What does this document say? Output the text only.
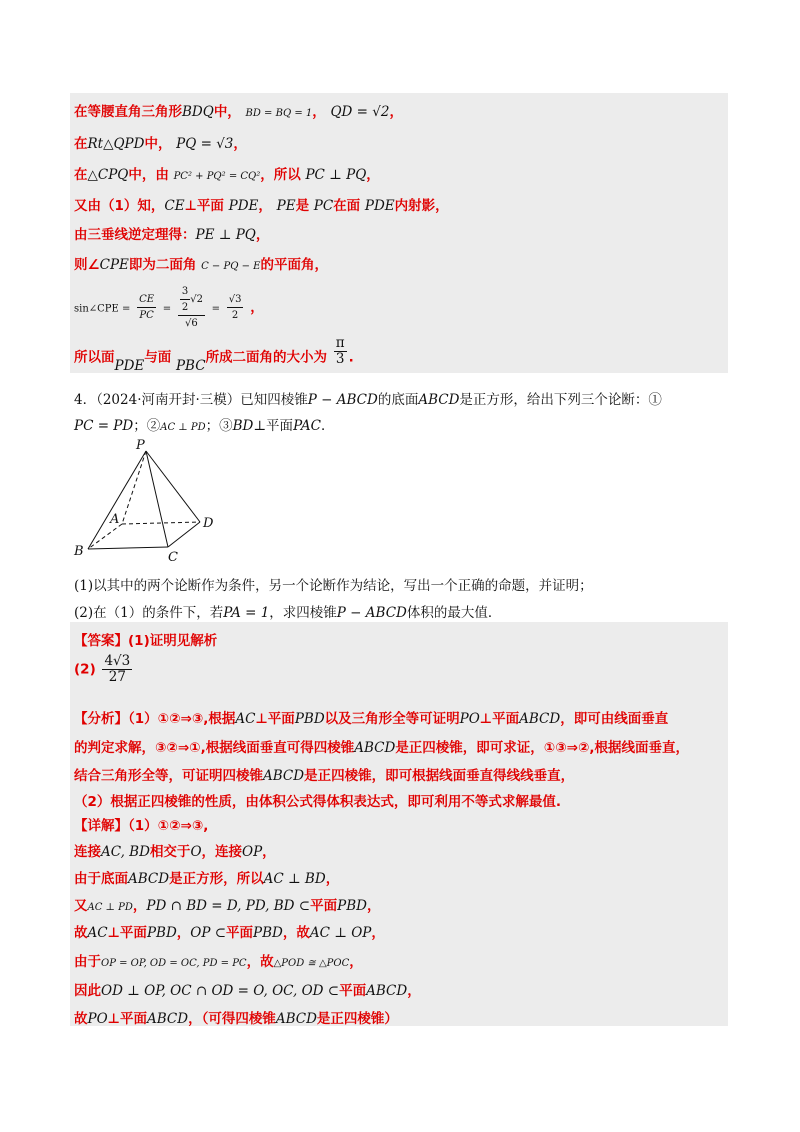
在等腰直角三角形BDQ中， BD = BQ = 1， QD = √2，
在Rt△QPD中， PQ = √3，
在△CPQ中，由 PC² + PQ² = CQ²，所以 PC ⊥ PQ，
又由（1）知，CE⊥平面 PDE， PE是 PC在面 PDE内射影，
由三垂线逆定理得：PE ⊥ PQ，
则∠CPE即为二面角 C − PQ − E的平面角，
sin∠CPE = $\frac{CE}{PC} = \frac{\frac{3}{2} √2}{√6} = \frac{√3}{2}$ ，
所以面PDE与面 PBC所成二面角的大小为 $\frac{\pi}{3}$ .
4．（2024·河南开封·三模）已知四棱锥P − ABCD的底面ABCD是正方形，给出下列三个论断：①
PC = PD；②AC ⊥ PD；③BD⊥平面PAC．
P
A
B	C
D
(1)以其中的两个论断作为条件，另一个论断作为结论，写出一个正确的命题，并证明；
(2)在（1）的条件下，若PA = 1，求四棱锥P − ABCD体积的最大值．
【答案】(1)证明见解析
$(2) \frac{4√3}{27}$
【分析】（1）①②⇒③,根据AC⊥平面PBD以及三角形全等可证明PO⊥平面ABCD，即可由线面垂直
的判定求解，③②⇒①,根据线面垂直可得四棱锥ABCD是正四棱锥，即可求证，①③⇒②,根据线面垂直，
结合三角形全等，可证明四棱锥ABCD是正四棱锥，即可根据线面垂直得线线垂直，
（2）根据正四棱锥的性质，由体积公式得体积表达式，即可利用不等式求解最值.
【详解】（1）①②⇒③,
连接AC, BD相交于O，连接OP，
由于底面ABCD是正方形，所以AC ⊥ BD，
又AC ⊥ PD，PD ∩ BD = D, PD, BD ⊂平面PBD，
故AC⊥平面PBD，OP ⊂平面PBD，故AC ⊥ OP，
由于OP = OP, OD = OC, PD = PC，故△POD ≅ △POC，
因此OD ⊥ OP, OC ∩ OD = O, OC, OD ⊂平面ABCD，
故PO⊥平面ABCD，（可得四棱锥ABCD是正四棱锥）
